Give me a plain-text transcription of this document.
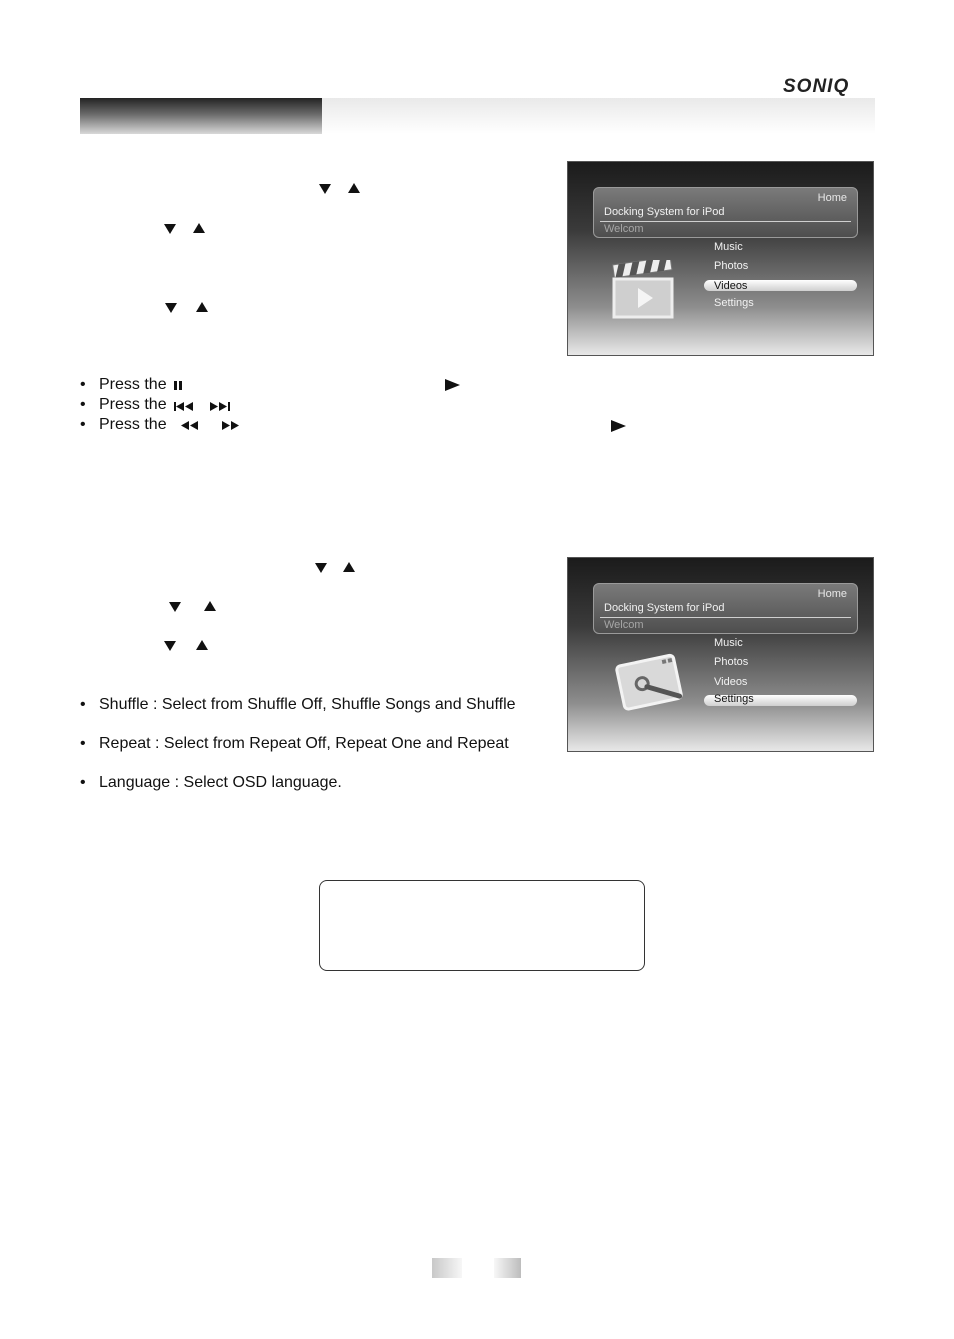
SONIQ
Home
Docking System for iPod
Welcom
Music
Photos
Videos
Settings
• Press the
• Press the
• Press the
Home
Docking System for iPod
Welcom
Music
Photos
Videos
Settings
• Shuffle : Select from Shuffle Off, Shuffle Songs and Shuffle
• Repeat : Select from Repeat Off, Repeat One and Repeat
• Language : Select OSD language.
